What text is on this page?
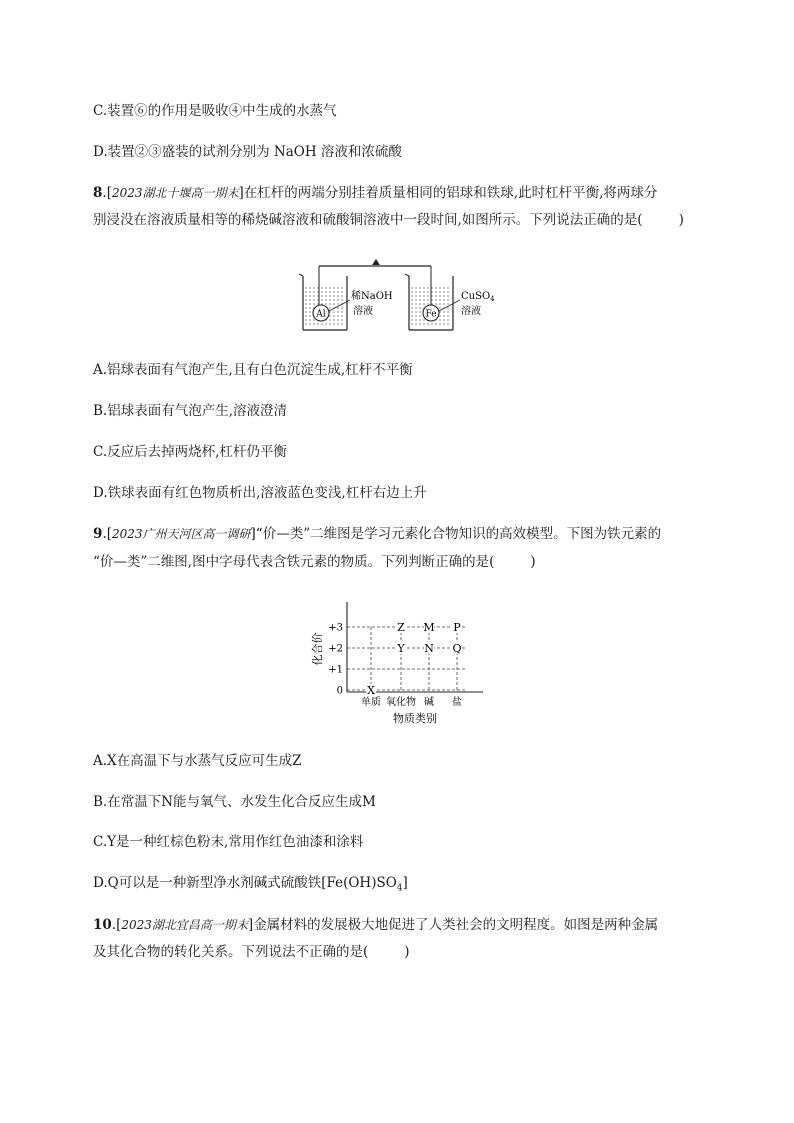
C.装置⑥的作用是吸收④中生成的水蒸气
D.装置②③盛装的试剂分别为 NaOH 溶液和浓硫酸
8.[2023湖北十堰高一期末]在杠杆的两端分别挂着质量相同的铝球和铁球,此时杠杆平衡,将两球分
别浸没在溶液质量相等的稀烧碱溶液和硫酸铜溶液中一段时间,如图所示。下列说法正确的是(	)
Al
稀NaOH
溶液	Fe
CuSO$_4$
溶液
A.铝球表面有气泡产生,且有白色沉淀生成,杠杆不平衡
B.铝球表面有气泡产生,溶液澄清
C.反应后去掉两烧杯,杠杆仍平衡
D.铁球表面有红色物质析出,溶液蓝色变浅,杠杆右边上升
9.[2023广州天河区高一调研]“价—类”二维图是学习元素化合物知识的高效模型。下图为铁元素的
“价—类”二维图,图中字母代表含铁元素的物质。下列判断正确的是(	)
+3
+2
+1
0
单质 氧化物 碱 盐
化合价
物质类别
X
Z
Y
M
N
P
Q
A.X在高温下与水蒸气反应可生成Z
B.在常温下N能与氧气、水发生化合反应生成M
C.Y是一种红棕色粉末,常用作红色油漆和涂料
D.Q可以是一种新型净水剂碱式硫酸铁$[Fe(OH)SO_4]$
10.[2023湖北宜昌高一期末]金属材料的发展极大地促进了人类社会的文明程度。如图是两种金属
及其化合物的转化关系。下列说法不正确的是(	)
